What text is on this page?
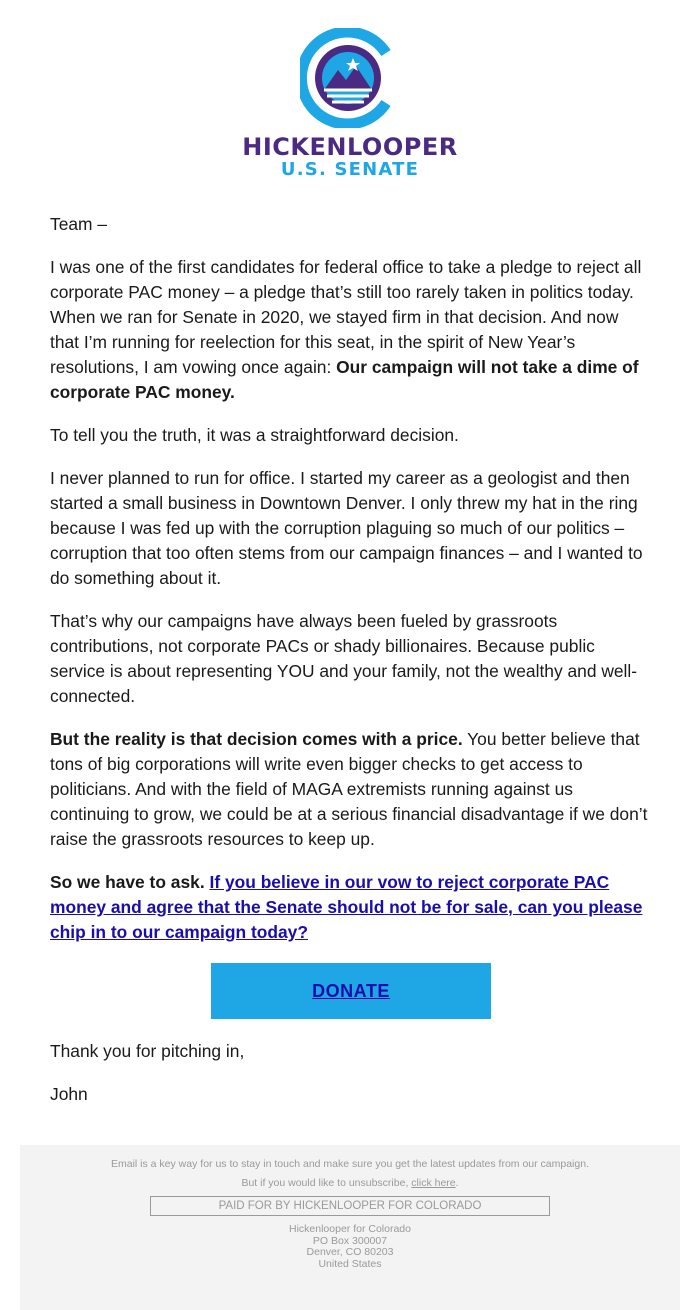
HICKENLOOPER
U.S. SENATE

Team –

I was one of the first candidates for federal office to take a pledge to reject all corporate PAC money – a pledge that’s still too rarely taken in politics today. When we ran for Senate in 2020, we stayed firm in that decision. And now that I’m running for reelection for this seat, in the spirit of New Year’s resolutions, I am vowing once again: Our campaign will not take a dime of corporate PAC money.

To tell you the truth, it was a straightforward decision.

I never planned to run for office. I started my career as a geologist and then started a small business in Downtown Denver. I only threw my hat in the ring because I was fed up with the corruption plaguing so much of our politics – corruption that too often stems from our campaign finances – and I wanted to do something about it.

That’s why our campaigns have always been fueled by grassroots contributions, not corporate PACs or shady billionaires. Because public service is about representing YOU and your family, not the wealthy and well-connected.

But the reality is that decision comes with a price. You better believe that tons of big corporations will write even bigger checks to get access to politicians. And with the field of MAGA extremists running against us continuing to grow, we could be at a serious financial disadvantage if we don’t raise the grassroots resources to keep up.

So we have to ask. If you believe in our vow to reject corporate PAC money and agree that the Senate should not be for sale, can you please chip in to our campaign today?

DONATE

Thank you for pitching in,

John

Email is a key way for us to stay in touch and make sure you get the latest updates from our campaign.
But if you would like to unsubscribe, click here.
PAID FOR BY HICKENLOOPER FOR COLORADO
Hickenlooper for Colorado
PO Box 300007
Denver, CO 80203
United States
